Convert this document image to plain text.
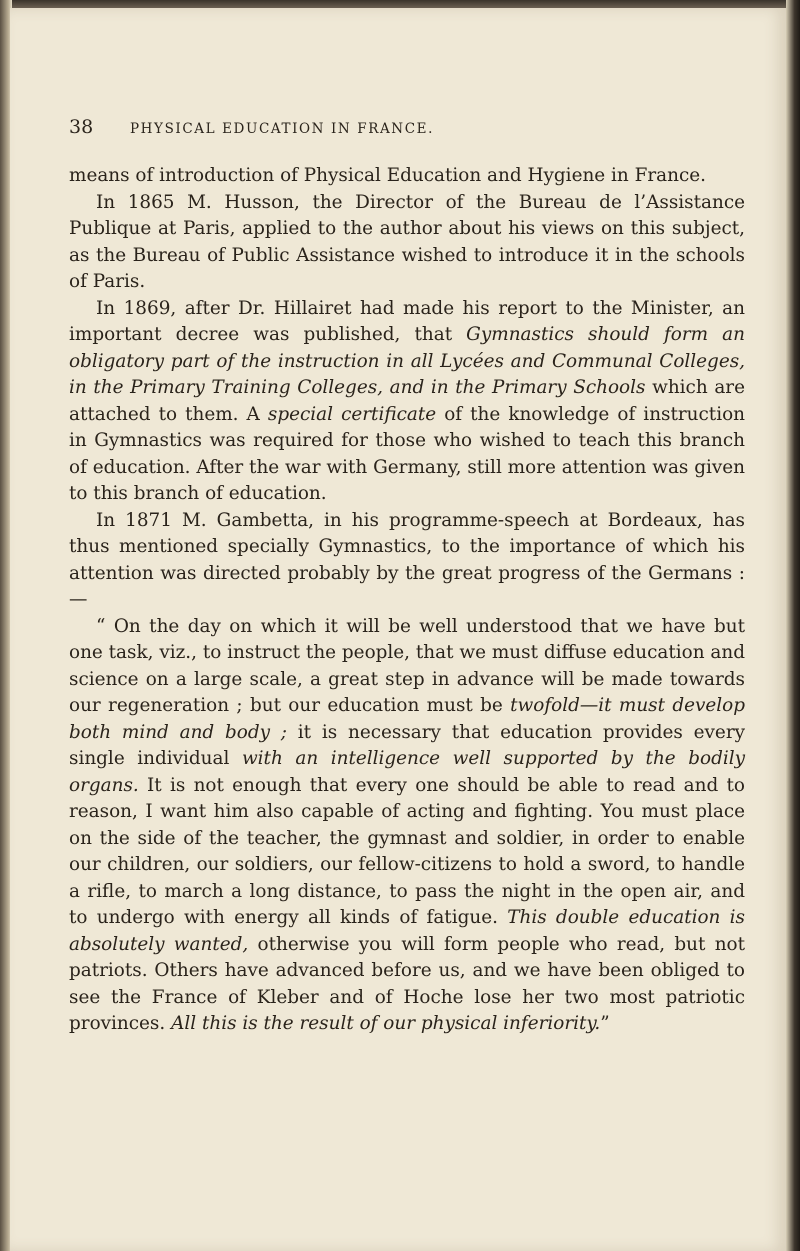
38	PHYSICAL EDUCATION IN FRANCE.

means of introduction of Physical Education and Hygiene in France.

In 1865 M. Husson, the Director of the Bureau de l’Assistance Publique at Paris, applied to the author about his views on this subject, as the Bureau of Public Assistance wished to introduce it in the schools of Paris.

In 1869, after Dr. Hillairet had made his report to the Minister, an important decree was published, that Gymnastics should form an obligatory part of the instruction in all Lycées and Communal Colleges, in the Primary Training Colleges, and in the Primary Schools which are attached to them. A special certificate of the knowledge of instruction in Gymnastics was required for those who wished to teach this branch of education. After the war with Germany, still more attention was given to this branch of education.

In 1871 M. Gambetta, in his programme-speech at Bordeaux, has thus mentioned specially Gymnastics, to the importance of which his attention was directed probably by the great progress of the Germans :—

“ On the day on which it will be well understood that we have but one task, viz., to instruct the people, that we must diffuse education and science on a large scale, a great step in advance will be made towards our regeneration ; but our education must be twofold—it must develop both mind and body ; it is necessary that education provides every single individual with an intelligence well supported by the bodily organs. It is not enough that every one should be able to read and to reason, I want him also capable of acting and fighting. You must place on the side of the teacher, the gymnast and soldier, in order to enable our children, our soldiers, our fellow-citizens to hold a sword, to handle a rifle, to march a long distance, to pass the night in the open air, and to undergo with energy all kinds of fatigue. This double education is absolutely wanted, otherwise you will form people who read, but not patriots. Others have advanced before us, and we have been obliged to see the France of Kleber and of Hoche lose her two most patriotic provinces. All this is the result of our physical inferiority.”
